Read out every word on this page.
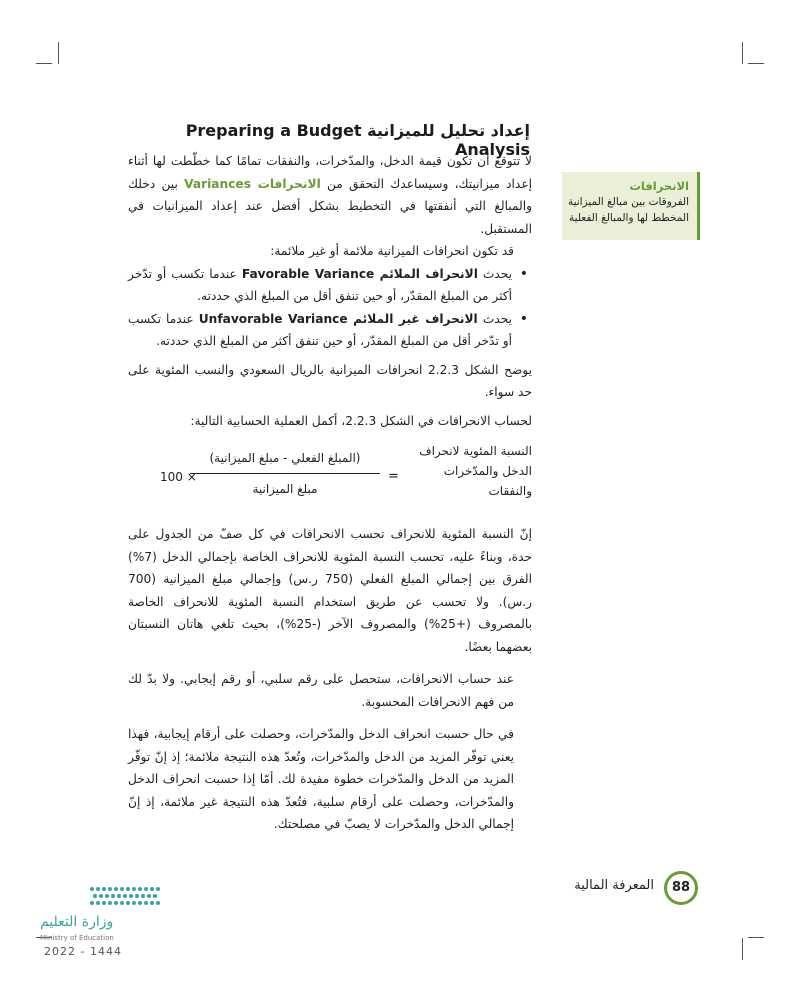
إعداد تحليل للميزانية Preparing a Budget Analysis
الانحرافات
الفروقات بين مبالغ الميزانية المخطط لها والمبالغ الفعلية

لا تتوقع أن تكون قيمة الدخل، والمدّخرات، والنفقات تمامًا كما خطّطت لها أثناء إعداد ميزانيتك، وسيساعدك التحقق من الانحرافات Variances بين دخلك والمبالغ التي أنفقتها في التخطيط بشكل أفضل عند إعداد الميزانيات في المستقبل.

قد تكون انحرافات الميزانية ملائمة أو غير ملائمة:

• يحدث الانحراف الملائم Favorable Variance عندما تكسب أو تدّخر أكثر من المبلغ المقدّر، أو حين تنفق أقل من المبلغ الذي حددته.
• يحدث الانحراف غير الملائم Unfavorable Variance عندما تكسب أو تدّخر أقل من المبلغ المقدّر، أو حين تنفق أكثر من المبلغ الذي حددته.

يوضح الشكل 2.2.3 انحرافات الميزانية بالريال السعودي والنسب المئوية على حد سواء.

لحساب الانحرافات في الشكل 2.2.3، أكمل العملية الحسابية التالية:

النسبة المئوية لانحراف
الدخل والمدّخرات
والنفقات
=
(المبلغ الفعلي - مبلغ الميزانية)
مبلغ الميزانية
100 ×

إنّ النسبة المئوية للانحراف تحسب الانحرافات في كل صفّ من الجدول على حدة، وبناءً عليه، تحسب النسبة المئوية للانحراف الخاصة بإجمالي الدخل (7%) الفرق بين إجمالي المبلغ الفعلي (750 ر.س) وإجمالي مبلغ الميزانية (700 ر.س). ولا تحسب عن طريق استخدام النسبة المئوية للانحراف الخاصة بالمصروف (+25%) والمصروف الآخر (-25%)، بحيث تلغي هاتان النسبتان بعضهما بعضًا.

عند حساب الانحرافات، ستحصل على رقم سلبي، أو رقم إيجابي. ولا بدّ لك من فهم الانحرافات المحسوبة.

في حال حسبت انحراف الدخل والمدّخرات، وحصلت على أرقام إيجابية، فهذا يعني توفّر المزيد من الدخل والمدّخرات، وتُعدّ هذه النتيجة ملائمة؛ إذ إنّ توفّر المزيد من الدخل والمدّخرات خطوة مفيدة لك. أمّا إذا حسبت انحراف الدخل والمدّخرات، وحصلت على أرقام سلبية، فتُعدّ هذه النتيجة غير ملائمة، إذ إنّ إجمالي الدخل والمدّخرات لا يصبّ في مصلحتك.

المعرفة المالية	88
وزارة التعليم
Ministry of Education
2022 - 1444
